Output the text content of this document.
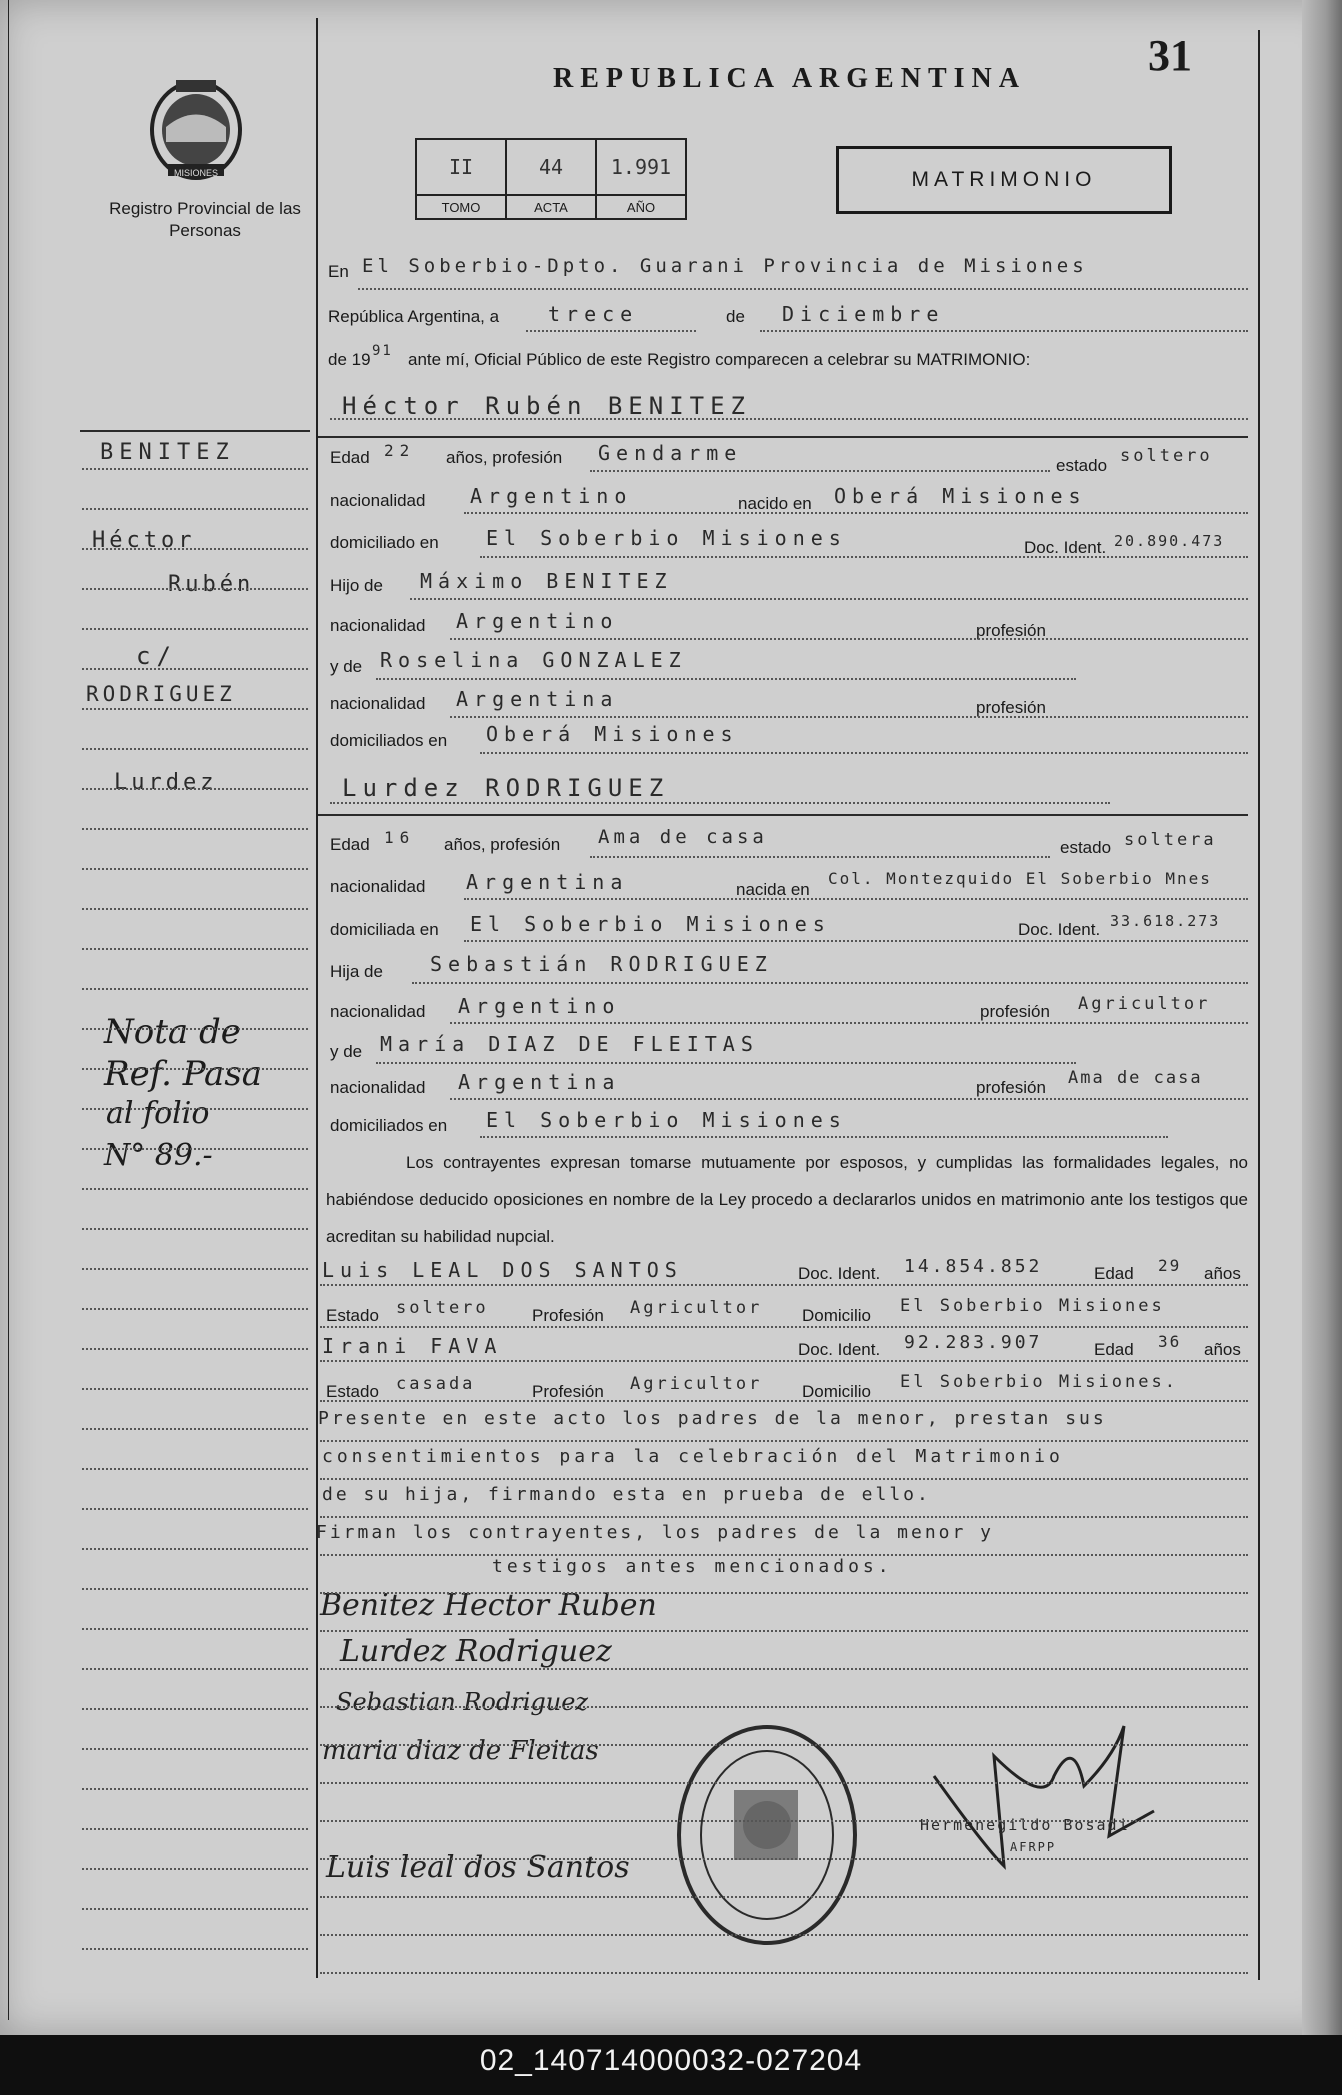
MISIONES
Registro Provincial de las Personas
REPUBLICA ARGENTINA	31
II	44	1.991
TOMO	ACTA	AÑO
MATRIMONIO
En El Soberbio-Dpto. Guarani Provincia de Misiones
República Argentina, a trece	de Diciembre
de 19 91 ante mí, Oficial Público de este Registro comparecen a celebrar su MATRIMONIO:
Héctor Rubén BENITEZ
Edad 22 años, profesión Gendarme
estado soltero
nacionalidad Argentino	nacido en Oberá Misiones
domiciliado en El Soberbio Misiones	Doc. Ident. 20.890.473
Hijo de Máximo BENITEZ
nacionalidad Argentino	profesión
y de Roselina GONZALEZ
nacionalidad Argentina	profesión
domiciliados en Oberá Misiones
Lurdez RODRIGUEZ
Edad 16 años, profesión Ama de casa	estado soltera
nacionalidad Argentina	nacida en
Col. Montezquido El Soberbio Mnes
domiciliada en El Soberbio Misiones	Doc. Ident. 33.618.273
Hija de Sebastián RODRIGUEZ
nacionalidad Argentino	profesión Agricultor
y de María DIAZ DE FLEITAS
nacionalidad Argentina	profesión Ama de casa
domiciliados en El Soberbio Misiones
Los contrayentes expresan tomarse mutuamente por esposos, y cumplidas las formalidades legales, no habiéndose deducido oposiciones en nombre de la Ley procedo a declararlos unidos en matrimonio ante los testigos que acreditan su habilidad nupcial.
Luis LEAL DOS SANTOS	Doc. Ident. 14.854.852	Edad 29 años
Estado soltero	Profesión Agricultor Domicilio El Soberbio Misiones
Irani FAVA	Doc. Ident. 92.283.907	Edad 36 años
Estado casada	Profesión Agricultor Domicilio El Soberbio Misiones.
Presente en este acto los padres de la menor, prestan sus
consentimientos para la celebración del Matrimonio
de su hija, firmando esta en prueba de ello.
Firman los contrayentes, los padres de la menor y
testigos antes mencionados.
Benitez Hector Ruben
Lurdez Rodriguez
Sebastian Rodriguez
maria diaz de Fleitas
Luis leal dos Santos
Hermenegildo Bosadi
AFRPP
BENITEZ
Héctor
Rubén
c/
RODRIGUEZ
Lurdez
Nota de
Ref. Pasa
al folio
N° 89.-
02_140714000032-027204
